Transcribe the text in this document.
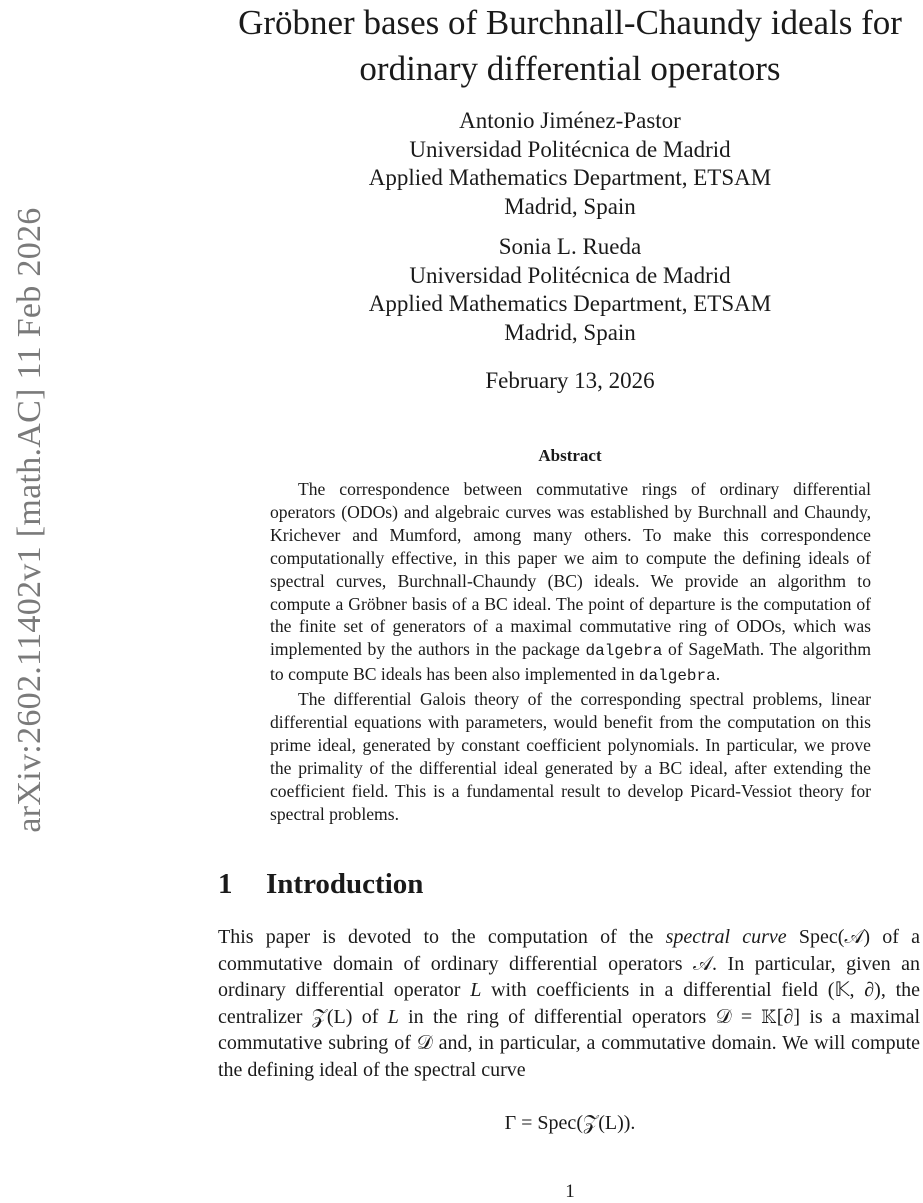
arXiv:2602.11402v1 [math.AC] 11 Feb 2026
Gröbner bases of Burchnall-Chaundy ideals for
ordinary differential operators
Antonio Jiménez-Pastor
Universidad Politécnica de Madrid
Applied Mathematics Department, ETSAM
Madrid, Spain
Sonia L. Rueda
Universidad Politécnica de Madrid
Applied Mathematics Department, ETSAM
Madrid, Spain
February 13, 2026
Abstract

The correspondence between commutative rings of ordinary differential operators (ODOs) and algebraic curves was established by Burchnall and Chaundy, Krichever and Mumford, among many others. To make this correspondence computationally effective, in this paper we aim to compute the defining ideals of spectral curves, Burchnall-Chaundy (BC) ideals. We provide an algorithm to compute a Gröbner basis of a BC ideal. The point of departure is the computation of the finite set of generators of a maximal commutative ring of ODOs, which was implemented by the authors in the package dalgebra of SageMath. The algorithm to compute BC ideals has been also implemented in dalgebra.

The differential Galois theory of the corresponding spectral problems, linear differential equations with parameters, would benefit from the computation on this prime ideal, generated by constant coefficient polynomials. In particular, we prove the primality of the differential ideal generated by a BC ideal, after extending the coefficient field. This is a fundamental result to develop Picard-Vessiot theory for spectral problems.

1 Introduction

This paper is devoted to the computation of the spectral curve Spec(𝒜) of a commutative domain of ordinary differential operators 𝒜. In particular, given an ordinary differential operator L with coefficients in a differential field (𝕂, ∂), the centralizer 𝒵(L) of L in the ring of differential operators 𝒟 = 𝕂[∂] is a maximal commutative subring of 𝒟 and, in particular, a commutative domain. We will compute the defining ideal of the spectral curve

Γ = Spec(𝒵(L)).
1
